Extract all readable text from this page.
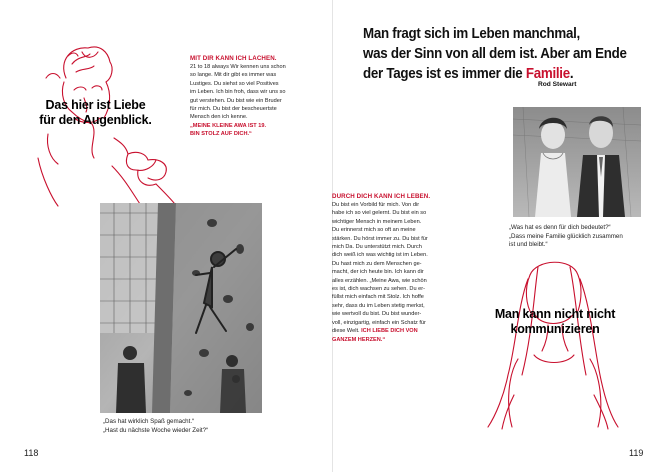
Das hier ist Liebe
für den Augenblick.
MIT DIR KANN ICH LACHEN.
21 to 18 always Wir kennen uns schon
so lange. Mit dir gibt es immer was
Lustiges. Du siehst so viel Positives
im Leben. Ich bin froh, dass wir uns so
gut verstehen. Du bist wie ein Bruder
für mich. Du bist der bescheuertste
Mensch den ich kenne.
„MEINE KLEINE AWA IST 19.
BIN STOLZ AUF DICH.“
„Das hat wirklich Spaß gemacht.“
„Hast du nächste Woche wieder Zeit?“
118
Man fragt sich im Leben manchmal,
was der Sinn von all dem ist. Aber am Ende
der Tages ist es immer die Familie.
Rod Stewart
„Was hat es denn für dich bedeutet?“
„Dass meine Familie glücklich zusammen
ist und bleibt.“
DURCH DICH KANN ICH LEBEN.
Du bist ein Vorbild für mich. Von dir
habe ich so viel gelernt. Du bist ein so
wichtiger Mensch in meinem Leben.
Du erinnerst mich so oft an meine
stärken. Du hörst immer zu. Du bist für
mich Da. Du unterstützt mich. Durch
dich weiß ich was wichtig ist im Leben.
Du hast mich zu dem Menschen ge-
macht, der ich heute bin. Ich kann dir
alles erzählen. „Meine Awa, wie schön
es ist, dich wachsen zu sehen. Du er-
füllst mich einfach mit Stolz. Ich hoffe
sehr, dass du im Leben stetig merkst,
wie wertvoll du bist. Du bist wunder-
voll, einzigartig, einfach ein Schatz für
diese Welt. ICH LIEBE DICH VON
GANZEM HERZEN.“
Man kann nicht nicht
kommunizieren
119
